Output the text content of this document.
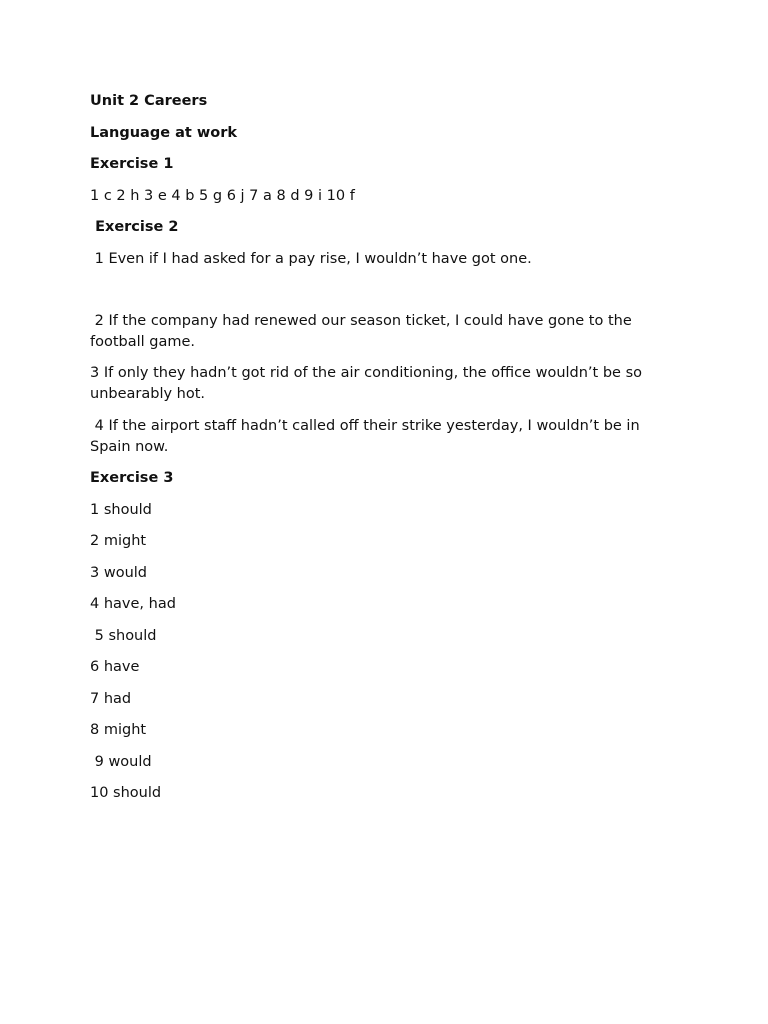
Unit 2 Careers

Language at work

Exercise 1

1 c 2 h 3 e 4 b 5 g 6 j 7 a 8 d 9 i 10 f

Exercise 2

1 Even if I had asked for a pay rise, I wouldn’t have got one.

2 If the company had renewed our season ticket, I could have gone to the football game.

3 If only they hadn’t got rid of the air conditioning, the office wouldn’t be so unbearably hot.

4 If the airport staff hadn’t called off their strike yesterday, I wouldn’t be in Spain now.

Exercise 3

1 should

2 might

3 would

4 have, had

5 should

6 have

7 had

8 might

9 would

10 should
